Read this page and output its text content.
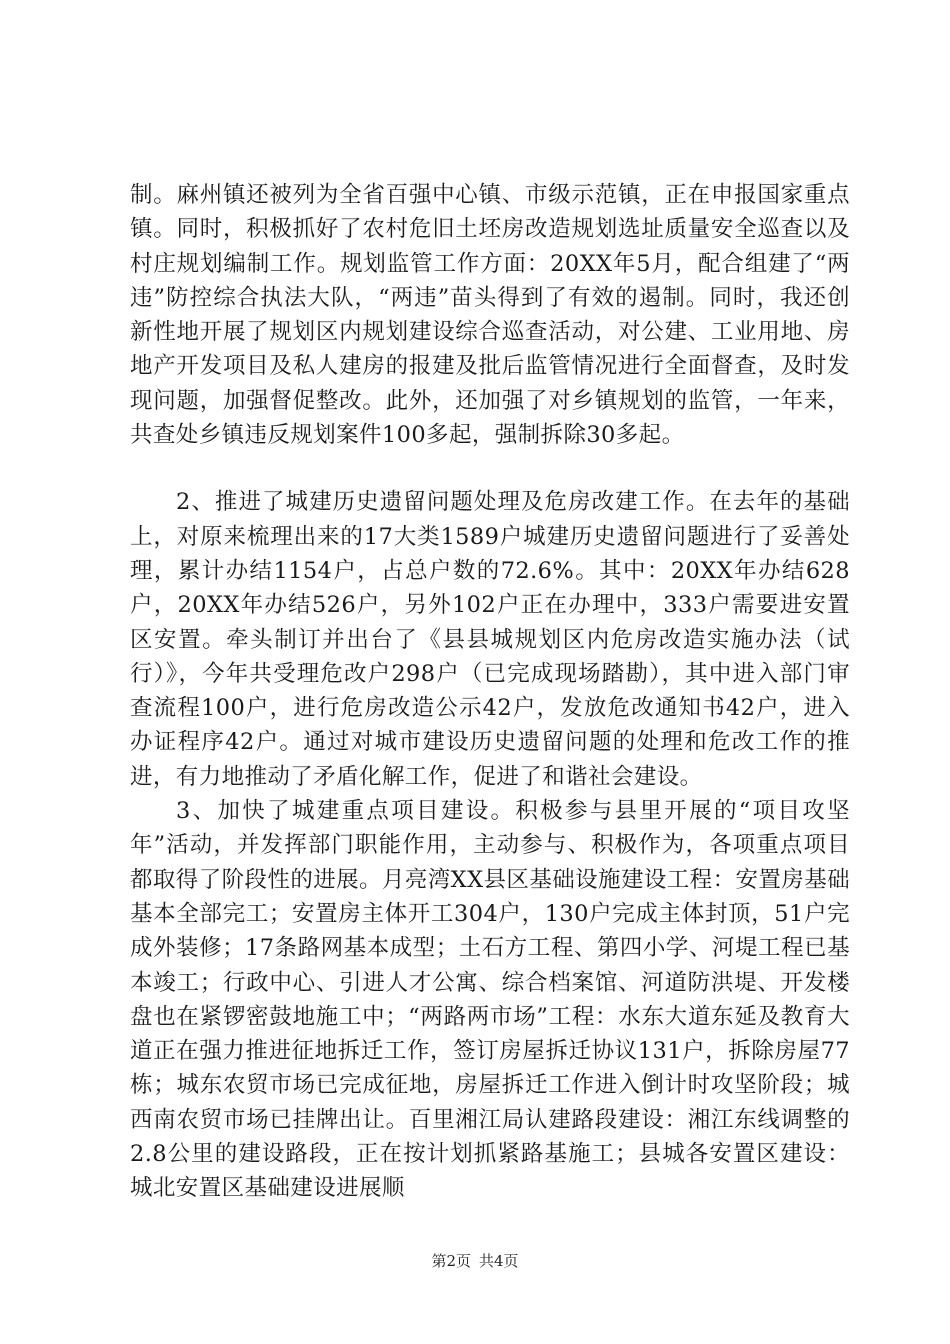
制。麻州镇还被列为全省百强中心镇、市级示范镇，正在申报国家重点镇。同时，积极抓好了农村危旧土坯房改造规划选址质量安全巡查以及村庄规划编制工作。规划监管工作方面：20XX年5月，配合组建了“两违”防控综合执法大队，“两违”苗头得到了有效的遏制。同时，我还创新性地开展了规划区内规划建设综合巡查活动，对公建、工业用地、房地产开发项目及私人建房的报建及批后监管情况进行全面督查，及时发现问题，加强督促整改。此外，还加强了对乡镇规划的监管，一年来，共查处乡镇违反规划案件100多起，强制拆除30多起。

2、推进了城建历史遗留问题处理及危房改建工作。在去年的基础上，对原来梳理出来的17大类1589户城建历史遗留问题进行了妥善处理，累计办结1154户，占总户数的72.6%。其中：20XX年办结628户，20XX年办结526户，另外102户正在办理中，333户需要进安置区安置。牵头制订并出台了《县县城规划区内危房改造实施办法（试行）》，今年共受理危改户298户（已完成现场踏勘），其中进入部门审查流程100户，进行危房改造公示42户，发放危改通知书42户，进入办证程序42户。通过对城市建设历史遗留问题的处理和危改工作的推进，有力地推动了矛盾化解工作，促进了和谐社会建设。

3、加快了城建重点项目建设。积极参与县里开展的“项目攻坚年”活动，并发挥部门职能作用，主动参与、积极作为，各项重点项目都取得了阶段性的进展。月亮湾XX县区基础设施建设工程：安置房基础基本全部完工；安置房主体开工304户，130户完成主体封顶，51户完成外装修；17条路网基本成型；土石方工程、第四小学、河堤工程已基本竣工；行政中心、引进人才公寓、综合档案馆、河道防洪堤、开发楼盘也在紧锣密鼓地施工中；“两路两市场”工程：水东大道东延及教育大道正在强力推进征地拆迁工作，签订房屋拆迁协议131户，拆除房屋77栋；城东农贸市场已完成征地，房屋拆迁工作进入倒计时攻坚阶段；城西南农贸市场已挂牌出让。百里湘江局认建路段建设：湘江东线调整的2.8公里的建设路段，正在按计划抓紧路基施工；县城各安置区建设：城北安置区基础建设进展顺

第2页 共4页
